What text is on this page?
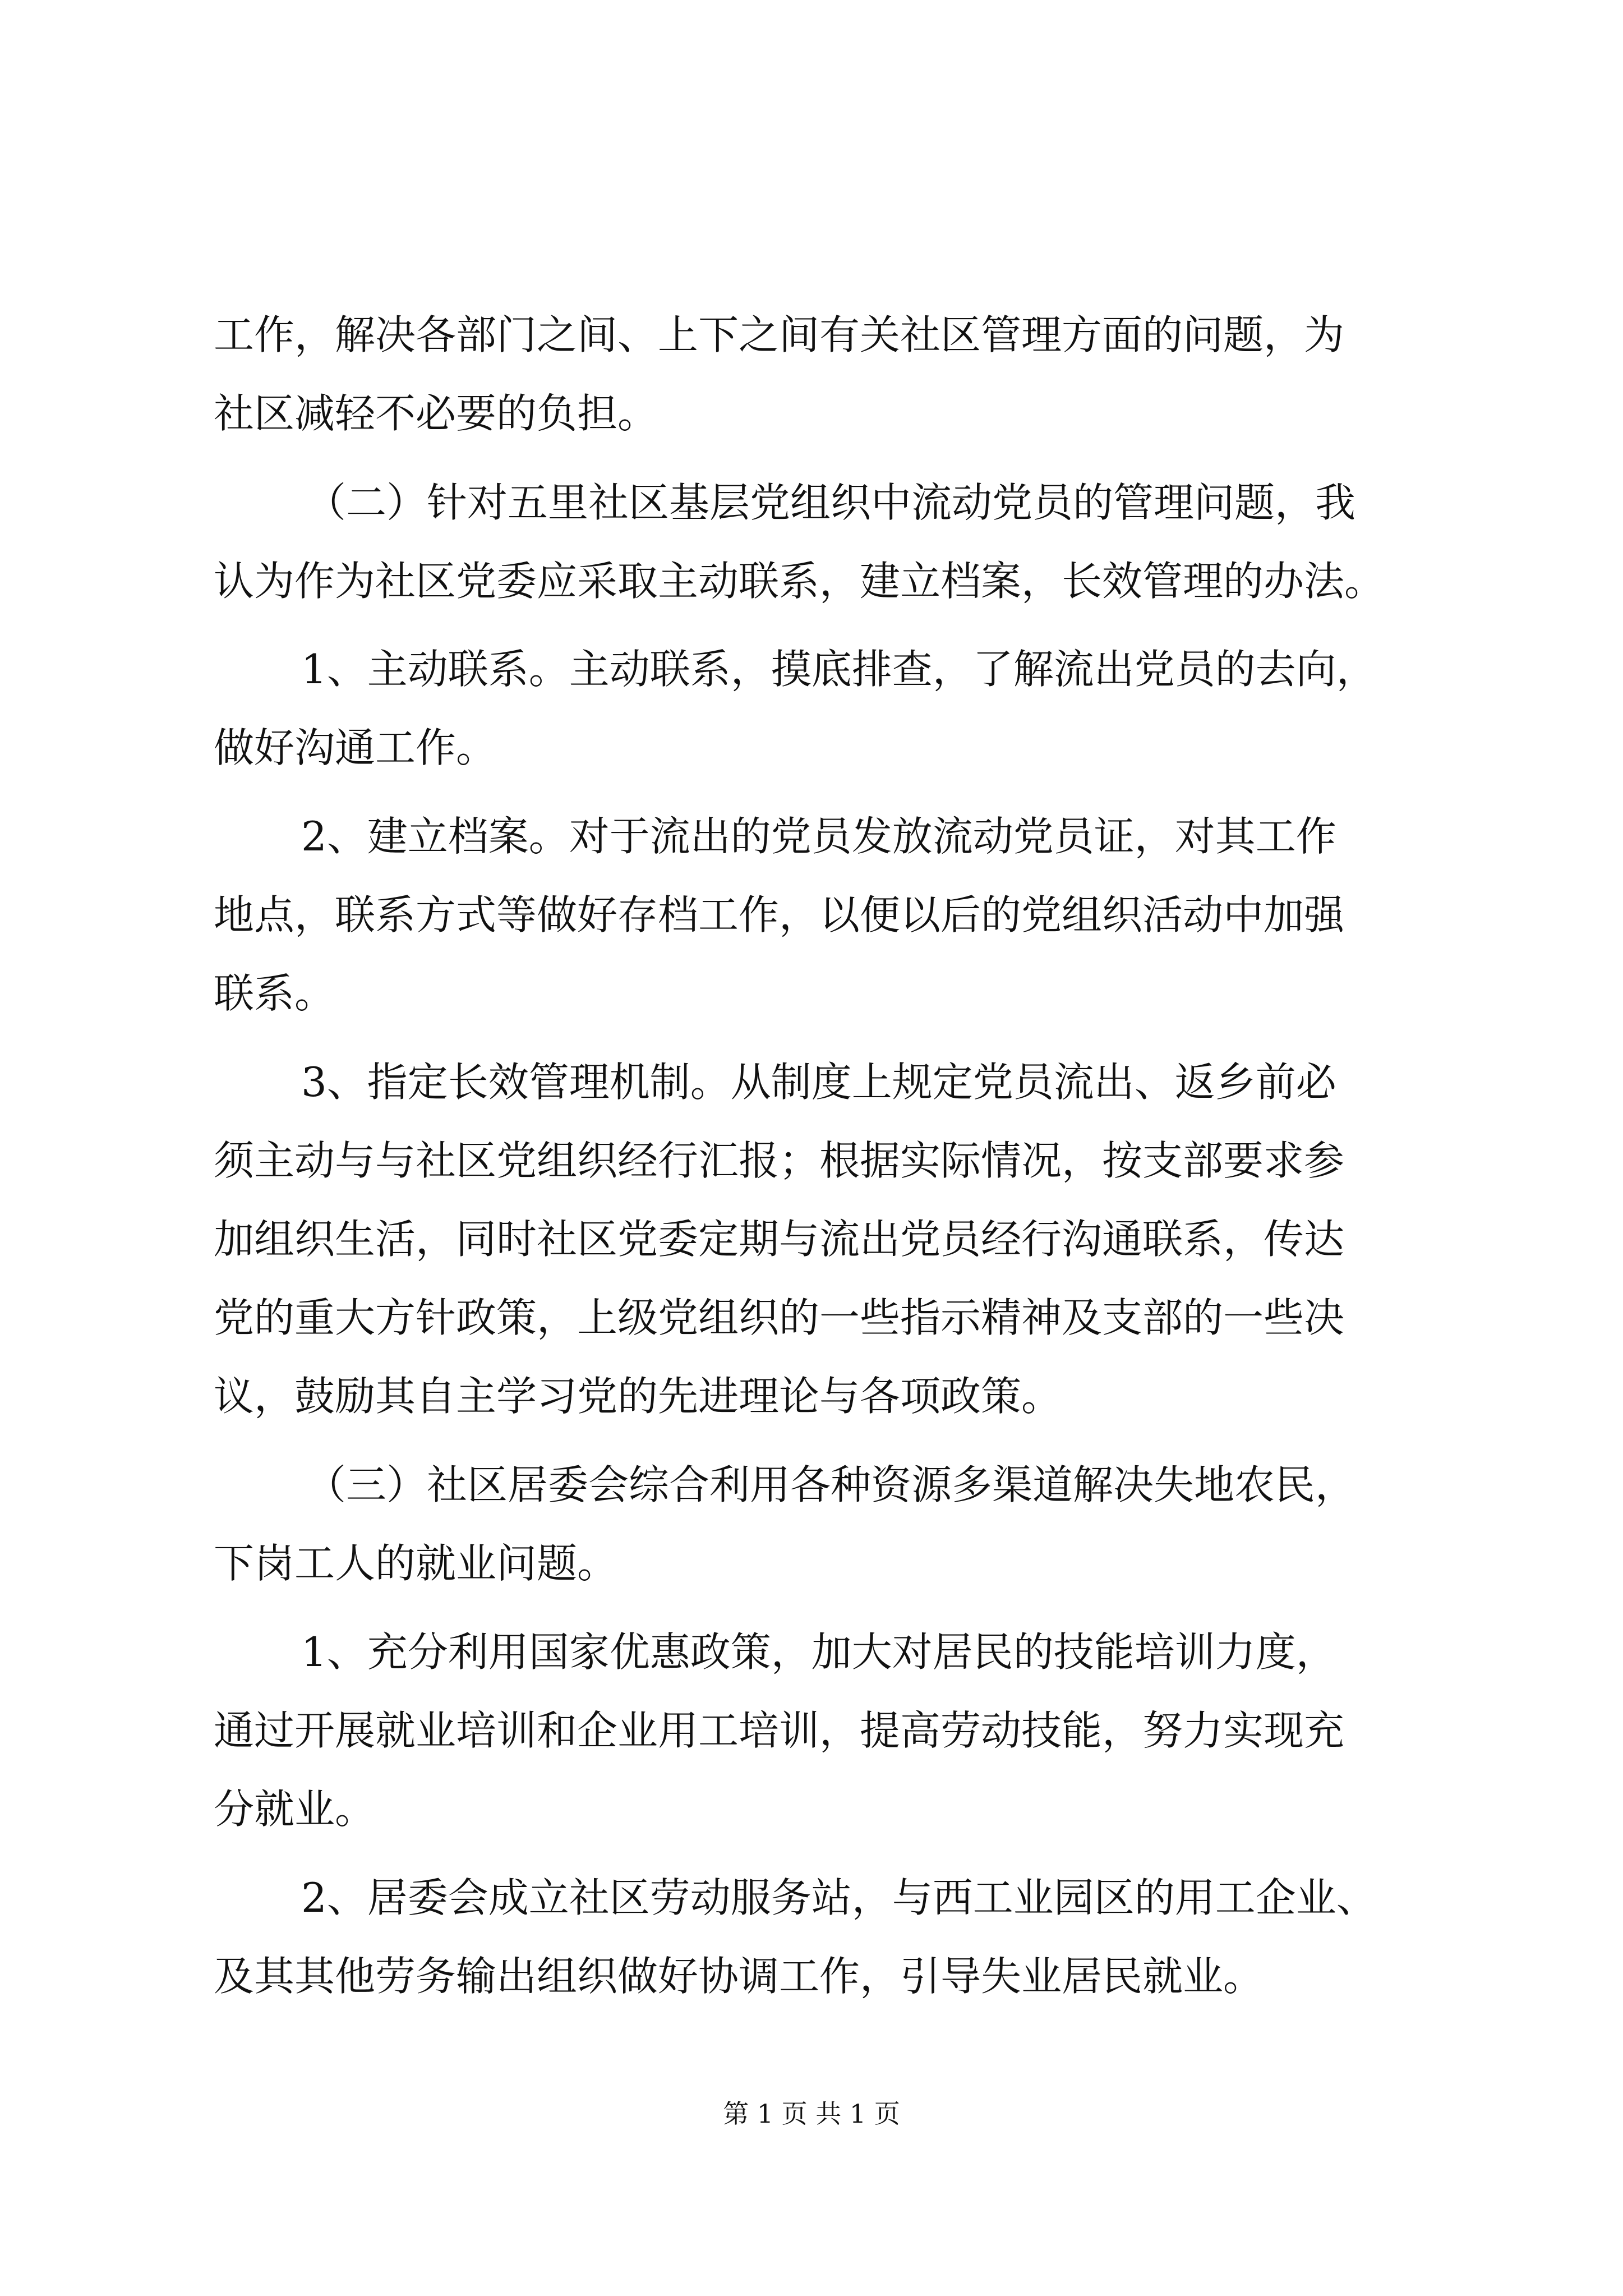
工作，解决各部门之间、上下之间有关社区管理方面的问题，为

社区减轻不必要的负担。

（二）针对五里社区基层党组织中流动党员的管理问题，我

认为作为社区党委应采取主动联系，建立档案，长效管理的办法。

1、主动联系。主动联系，摸底排查，了解流出党员的去向，

做好沟通工作。

2、建立档案。对于流出的党员发放流动党员证，对其工作

地点，联系方式等做好存档工作，以便以后的党组织活动中加强

联系。

3、指定长效管理机制。从制度上规定党员流出、返乡前必

须主动与与社区党组织经行汇报；根据实际情况，按支部要求参

加组织生活，同时社区党委定期与流出党员经行沟通联系，传达

党的重大方针政策，上级党组织的一些指示精神及支部的一些决

议，鼓励其自主学习党的先进理论与各项政策。

（三）社区居委会综合利用各种资源多渠道解决失地农民，

下岗工人的就业问题。

1、充分利用国家优惠政策，加大对居民的技能培训力度，

通过开展就业培训和企业用工培训，提高劳动技能，努力实现充

分就业。

2、居委会成立社区劳动服务站，与西工业园区的用工企业、

及其其他劳务输出组织做好协调工作，引导失业居民就业。

第 1 页 共 1 页
